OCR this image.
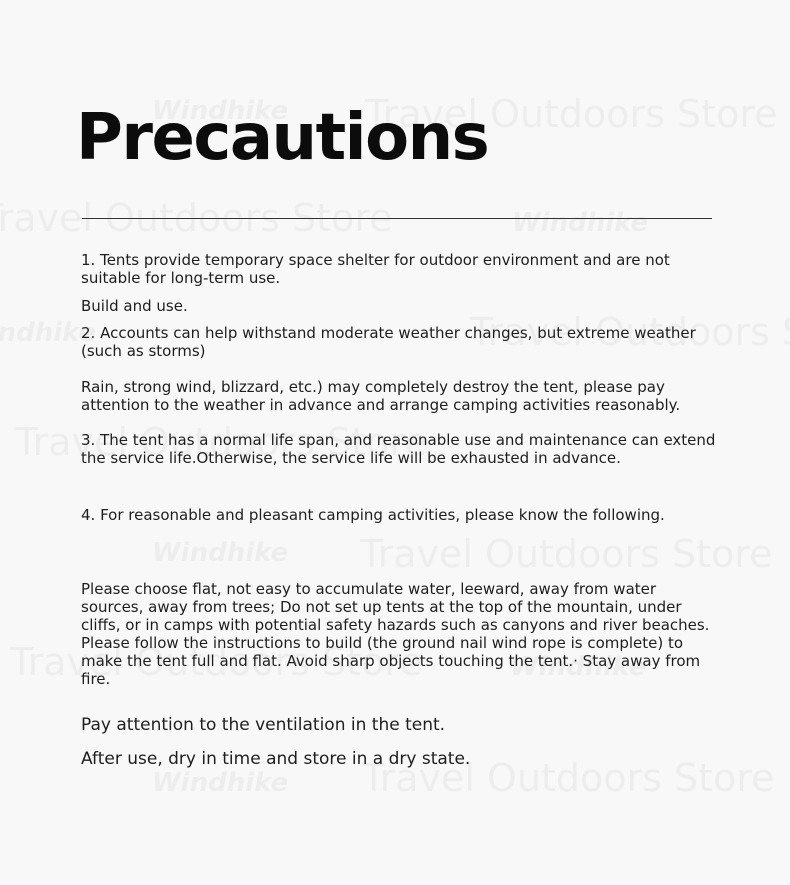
Precautions

1. Tents provide temporary space shelter for outdoor environment and are not suitable for long-term use.

Build and use.

2. Accounts can help withstand moderate weather changes, but extreme weather (such as storms)

Rain, strong wind, blizzard, etc.) may completely destroy the tent, please pay attention to the weather in advance and arrange camping activities reasonably.

3. The tent has a normal life span, and reasonable use and maintenance can extend the service life.Otherwise, the service life will be exhausted in advance.

4. For reasonable and pleasant camping activities, please know the following.

Please choose flat, not easy to accumulate water, leeward, away from water sources, away from trees; Do not set up tents at the top of the mountain, under cliffs, or in camps with potential safety hazards such as canyons and river beaches. Please follow the instructions to build (the ground nail wind rope is complete) to make the tent full and flat. Avoid sharp objects touching the tent.· Stay away from fire.

Pay attention to the ventilation in the tent.

After use, dry in time and store in a dry state.
